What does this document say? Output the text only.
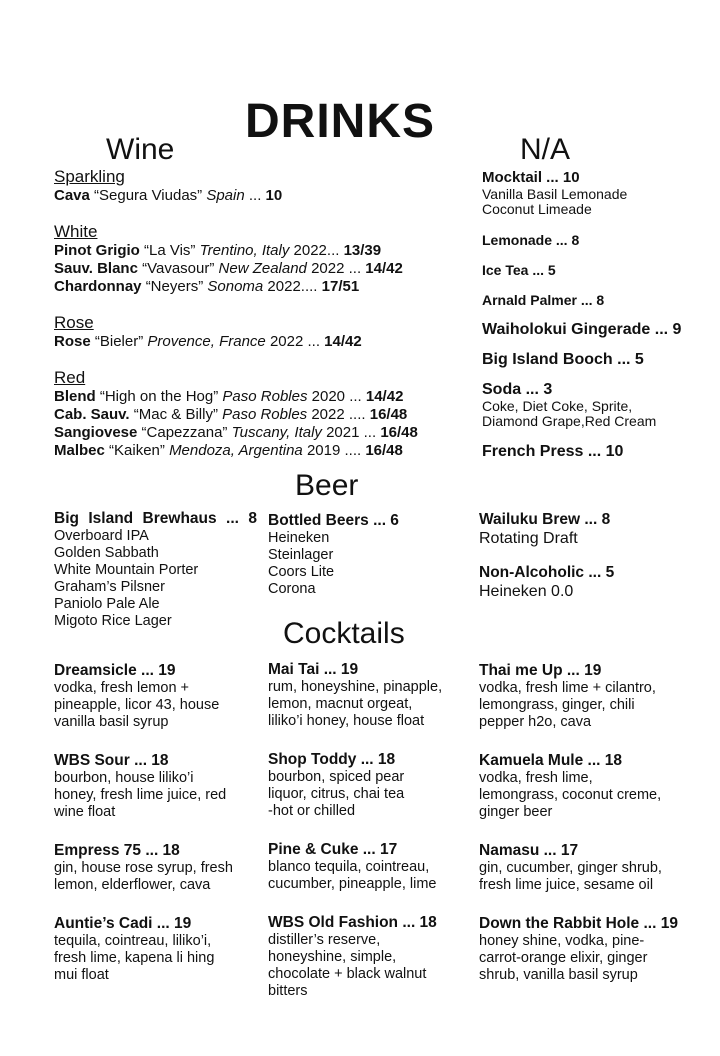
DRINKS
Wine	N/A
Sparkling
Cava “Segura Viudas” Spain ... 10
White
Pinot Grigio “La Vis” Trentino, Italy 2022... 13/39
Sauv. Blanc “Vavasour” New Zealand 2022 ... 14/42
Chardonnay “Neyers” Sonoma 2022.... 17/51
Rose
Rose “Bieler” Provence, France 2022 ... 14/42
Red
Blend “High on the Hog” Paso Robles 2020 ... 14/42
Cab. Sauv. “Mac & Billy” Paso Robles 2022 .... 16/48
Sangiovese “Capezzana” Tuscany, Italy 2021 ... 16/48
Malbec “Kaiken” Mendoza, Argentina 2019 .... 16/48
Mocktail ... 10
Vanilla Basil Lemonade
Coconut Limeade
Lemonade ... 8
Ice Tea ... 5
Arnald Palmer ... 8
Waiholokui Gingerade ... 9
Big Island Booch ... 5
Soda ... 3
Coke, Diet Coke, Sprite,
Diamond Grape,Red Cream
French Press ... 10
Beer
Big Island Brewhaus ... 8
Overboard IPA
Golden Sabbath
White Mountain Porter
Graham’s Pilsner
Paniolo Pale Ale
Migoto Rice Lager
Bottled Beers ... 6
Heineken
Steinlager
Coors Lite
Corona
Wailuku Brew ... 8
Rotating Draft
Non-Alcoholic ... 5
Heineken 0.0
Cocktails
Dreamsicle ... 19
vodka, fresh lemon +
pineapple, licor 43, house
vanilla basil syrup
WBS Sour ... 18
bourbon, house liliko’i
honey, fresh lime juice, red
wine float
Empress 75 ... 18
gin, house rose syrup, fresh
lemon, elderflower, cava
Auntie’s Cadi ... 19
tequila, cointreau, liliko’i,
fresh lime, kapena li hing
mui float
Mai Tai ... 19
rum, honeyshine, pinapple,
lemon, macnut orgeat,
liliko’i honey, house float
Shop Toddy ... 18
bourbon, spiced pear
liquor, citrus, chai tea
-hot or chilled
Pine & Cuke ... 17
blanco tequila, cointreau,
cucumber, pineapple, lime
WBS Old Fashion ... 18
distiller’s reserve,
honeyshine, simple,
chocolate + black walnut
bitters
Thai me Up ... 19
vodka, fresh lime + cilantro,
lemongrass, ginger, chili
pepper h2o, cava
Kamuela Mule ... 18
vodka, fresh lime,
lemongrass, coconut creme,
ginger beer
Namasu ... 17
gin, cucumber, ginger shrub,
fresh lime juice, sesame oil
Down the Rabbit Hole ... 19
honey shine, vodka, pine-
carrot-orange elixir, ginger
shrub, vanilla basil syrup
